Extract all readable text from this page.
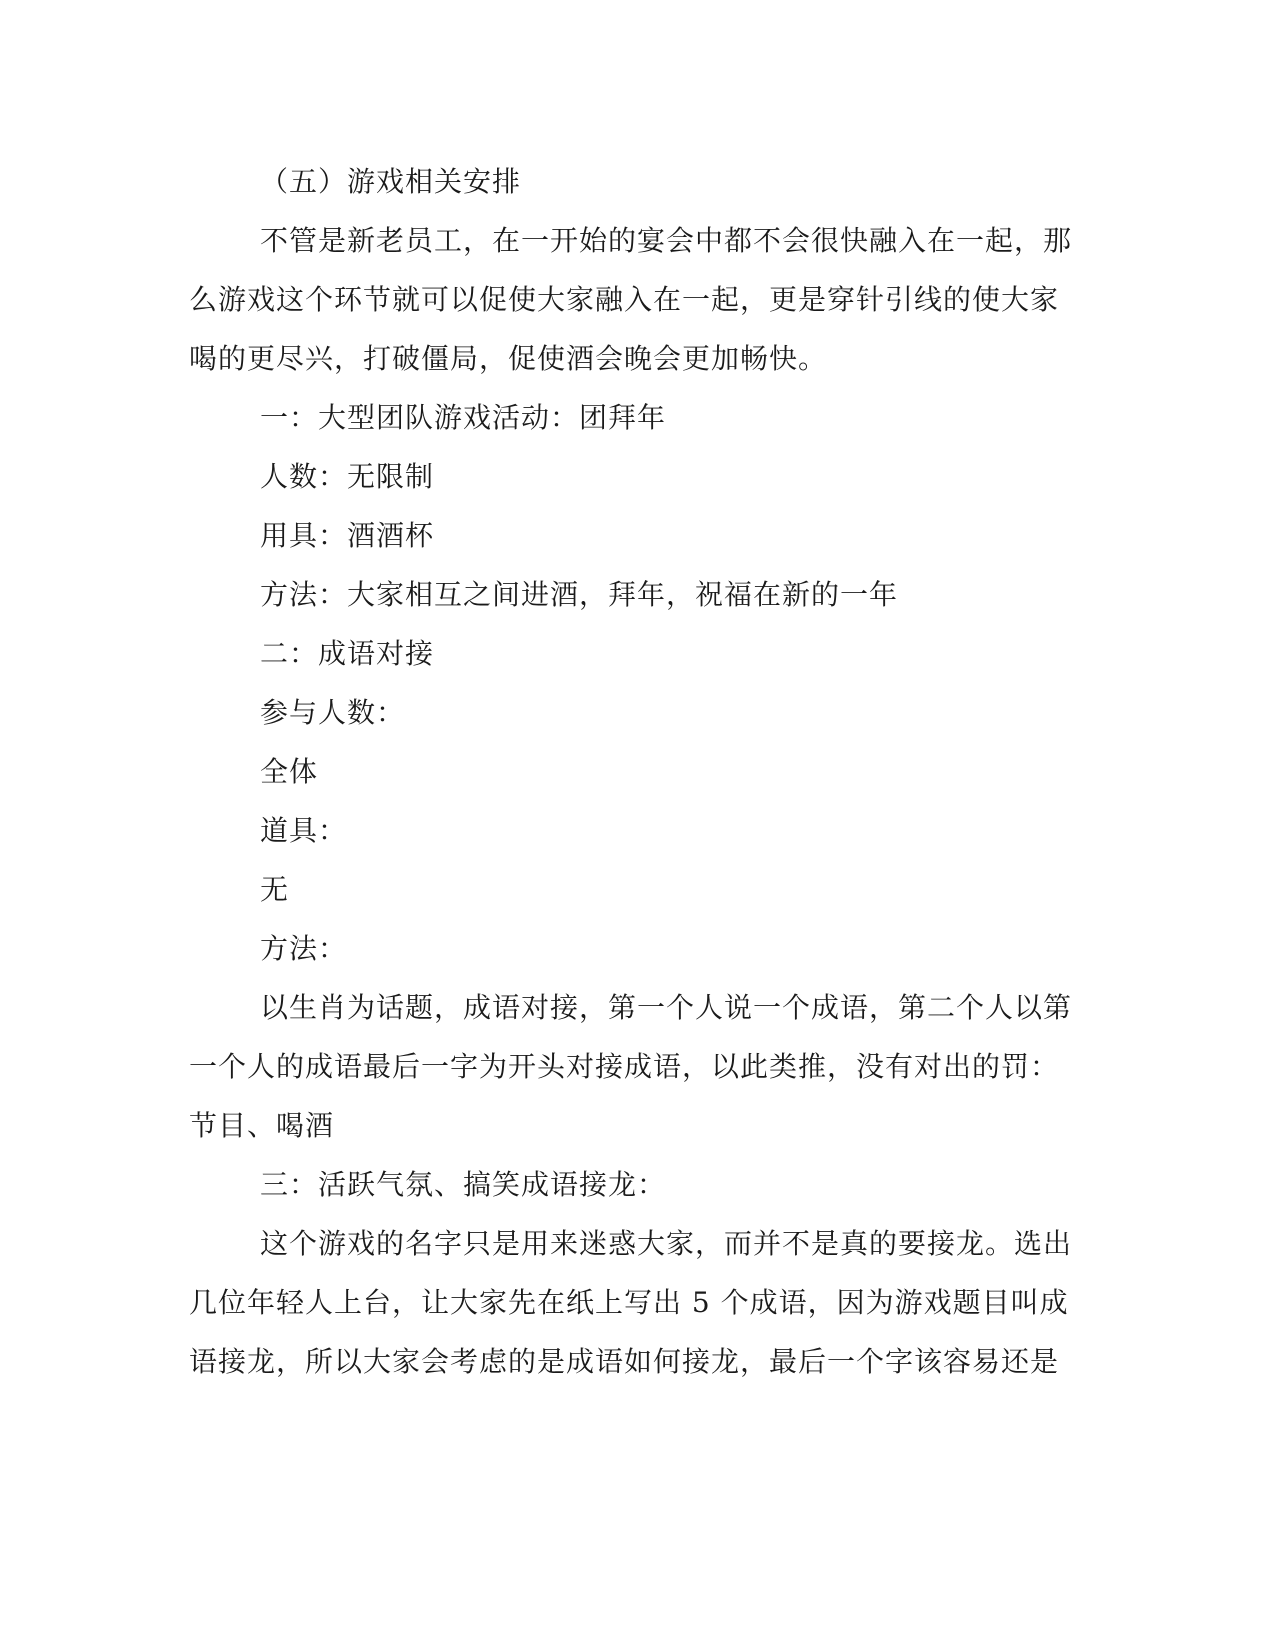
（五）游戏相关安排
不管是新老员工，在一开始的宴会中都不会很快融入在一起，那
么游戏这个环节就可以促使大家融入在一起，更是穿针引线的使大家
喝的更尽兴，打破僵局，促使酒会晚会更加畅快。
一：大型团队游戏活动：团拜年
人数：无限制
用具：酒酒杯
方法：大家相互之间进酒，拜年，祝福在新的一年
二：成语对接
参与人数：
全体
道具：
无
方法：
以生肖为话题，成语对接，第一个人说一个成语，第二个人以第
一个人的成语最后一字为开头对接成语，以此类推，没有对出的罚：
节目、喝酒
三：活跃气氛、搞笑成语接龙：
这个游戏的名字只是用来迷惑大家，而并不是真的要接龙。选出
几位年轻人上台，让大家先在纸上写出 5 个成语，因为游戏题目叫成
语接龙，所以大家会考虑的是成语如何接龙，最后一个字该容易还是
